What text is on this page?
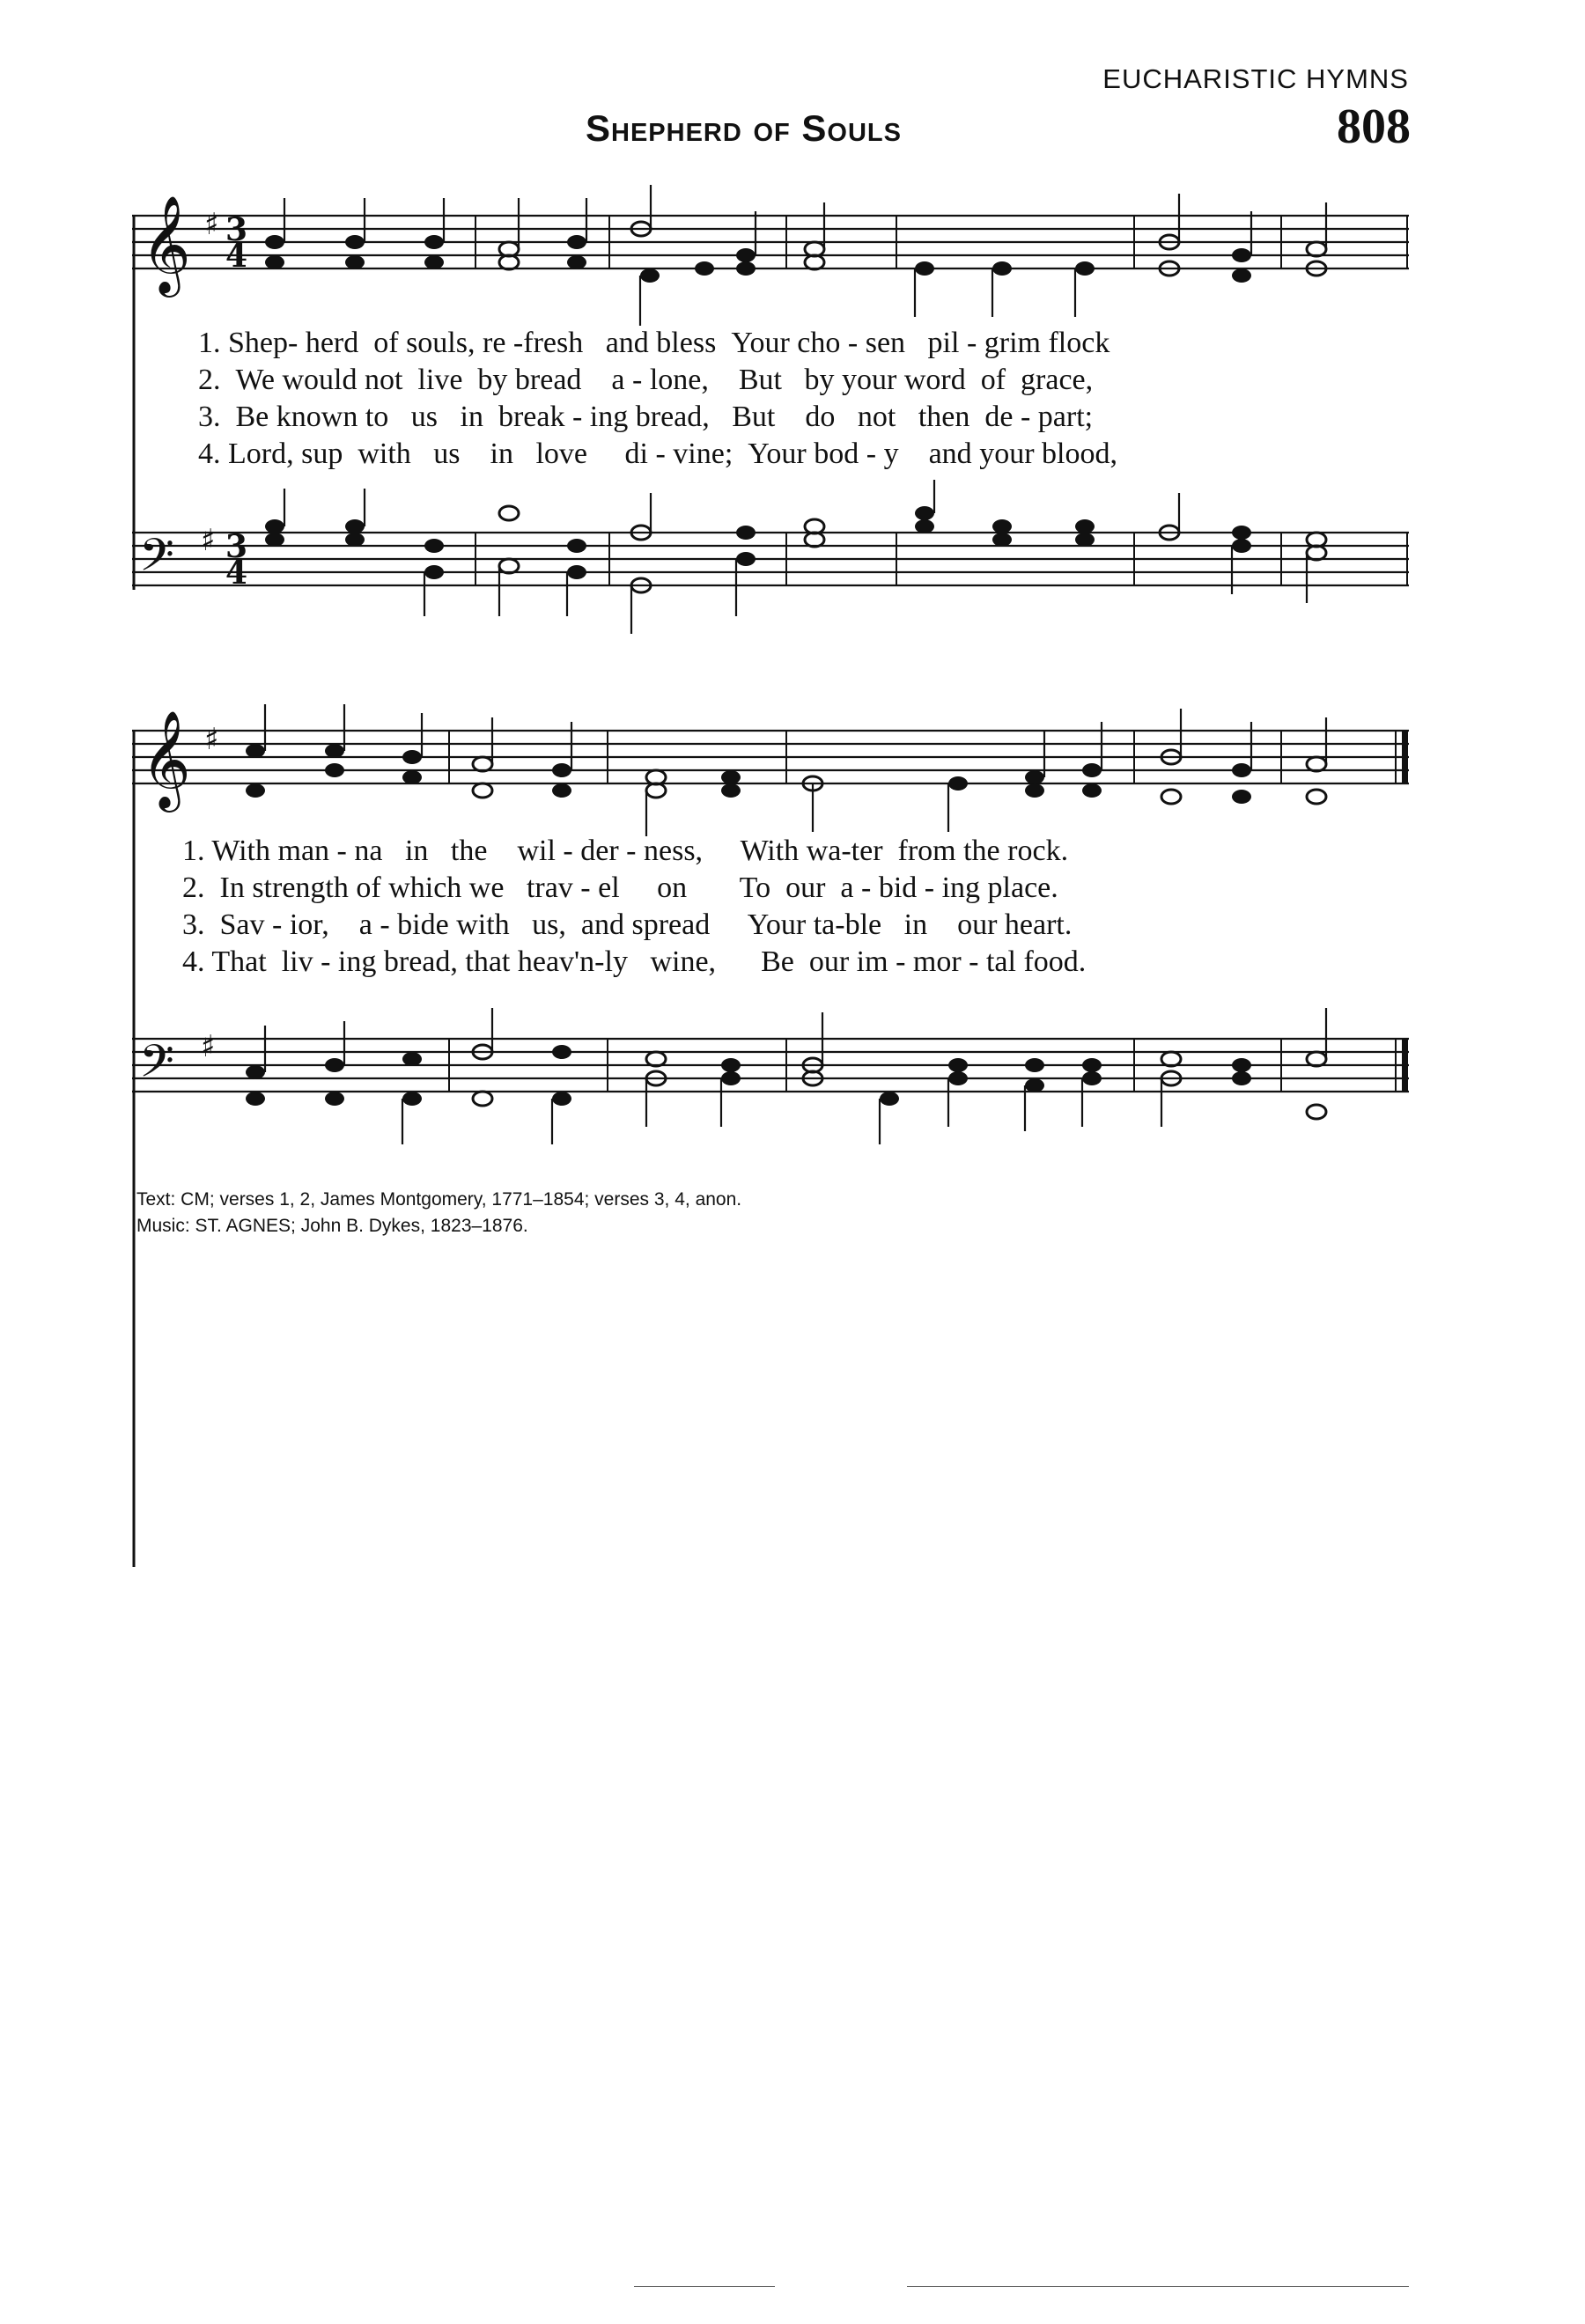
EUCHARISTIC HYMNS
Shepherd of Souls	808
𝄞 ♯ 3
4
1. Shep- herd of souls, re -fresh and bless Your cho - sen pil - grim flock
2. We would not live by bread a - lone, But by your word of grace,
3. Be known to us in break - ing bread, But do not then de - part;
4. Lord, sup with us in love di - vine; Your bod - y and your blood,
𝄢 ♯ 3
4
𝄞 ♯
1. With man - na in the wil - der - ness, With wa-ter from the rock.
2. In strength of which we trav - el on To our a - bid - ing place.
3. Sav - ior, a - bide with us, and spread Your ta-ble in our heart.
4. That liv - ing bread, that heav'n-ly wine, Be our im - mor - tal food.
𝄢 ♯
Text: CM; verses 1, 2, James Montgomery, 1771–1854; verses 3, 4, anon.
Music: ST. AGNES; John B. Dykes, 1823–1876.
